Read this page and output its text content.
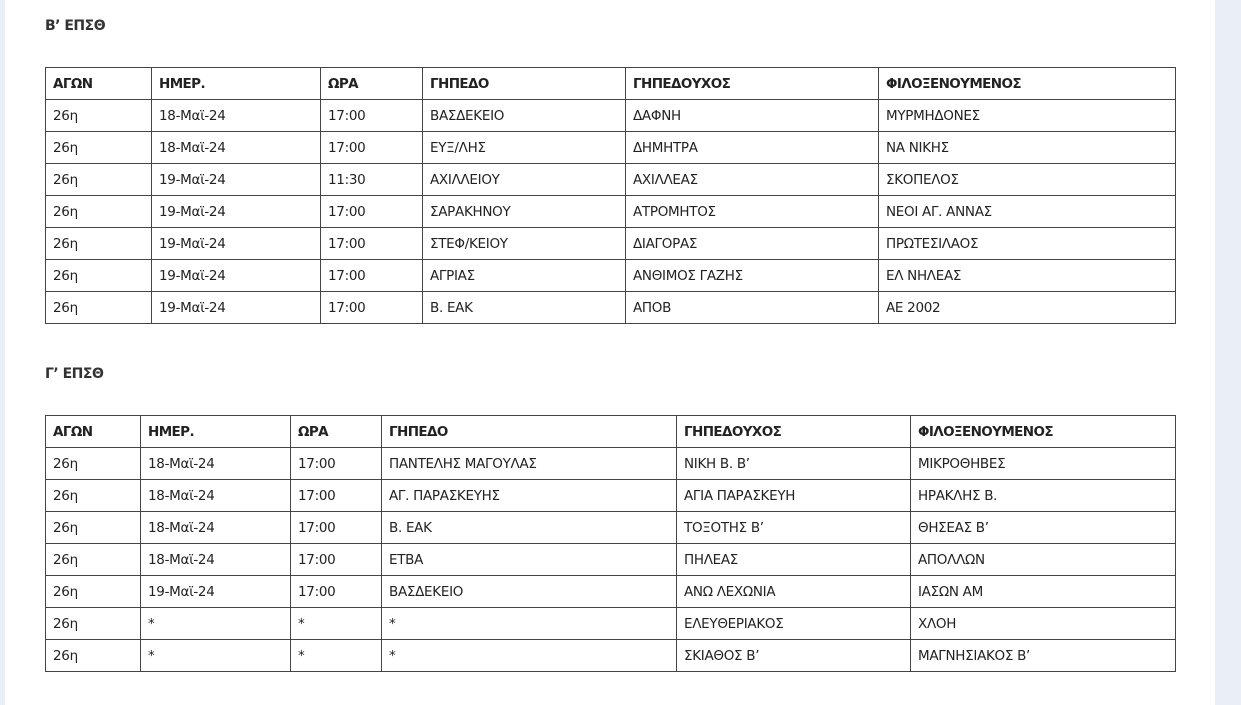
Β’ ΕΠΣΘ
ΑΓΩΝ	ΗΜΕΡ.	ΩΡΑ	ΓΗΠΕΔΟ	ΓΗΠΕΔΟΥΧΟΣ	ΦΙΛΟΞΕΝΟΥΜΕΝΟΣ
26η	18-Μαϊ-24	17:00	ΒΑΣΔΕΚΕΙΟ	ΔΑΦΝΗ	ΜΥΡΜΗΔΟΝΕΣ
26η	18-Μαϊ-24	17:00	ΕΥΞ/ΛΗΣ	ΔΗΜΗΤΡΑ	ΝΑ ΝΙΚΗΣ
26η	19-Μαϊ-24	11:30	ΑΧΙΛΛΕΙΟΥ	ΑΧΙΛΛΕΑΣ	ΣΚΟΠΕΛΟΣ
26η	19-Μαϊ-24	17:00	ΣΑΡΑΚΗΝΟΥ	ΑΤΡΟΜΗΤΟΣ	ΝΕΟΙ ΑΓ. ΑΝΝΑΣ
26η	19-Μαϊ-24	17:00	ΣΤΕΦ/ΚΕΙΟΥ	ΔΙΑΓΟΡΑΣ	ΠΡΩΤΕΣΙΛΑΟΣ
26η	19-Μαϊ-24	17:00	ΑΓΡΙΑΣ	ΑΝΘΙΜΟΣ ΓΑΖΗΣ	ΕΛ ΝΗΛΕΑΣ
26η	19-Μαϊ-24	17:00	Β. ΕΑΚ	ΑΠΟΒ	ΑΕ 2002
Γ’ ΕΠΣΘ
ΑΓΩΝ	ΗΜΕΡ.	ΩΡΑ	ΓΗΠΕΔΟ	ΓΗΠΕΔΟΥΧΟΣ	ΦΙΛΟΞΕΝΟΥΜΕΝΟΣ
26η	18-Μαϊ-24	17:00	ΠΑΝΤΕΛΗΣ ΜΑΓΟΥΛΑΣ	ΝΙΚΗ Β. Β’	ΜΙΚΡΟΘΗΒΕΣ
26η	18-Μαϊ-24	17:00	ΑΓ. ΠΑΡΑΣΚΕΥΗΣ	ΑΓΙΑ ΠΑΡΑΣΚΕΥΗ	ΗΡΑΚΛΗΣ Β.
26η	18-Μαϊ-24	17:00	Β. ΕΑΚ	ΤΟΞΟΤΗΣ Β’	ΘΗΣΕΑΣ Β’
26η	18-Μαϊ-24	17:00	ΕΤΒΑ	ΠΗΛΕΑΣ	ΑΠΟΛΛΩΝ
26η	19-Μαϊ-24	17:00	ΒΑΣΔΕΚΕΙΟ	ΑΝΩ ΛΕΧΩΝΙΑ	ΙΑΣΩΝ ΑΜ
26η	*	*	*	ΕΛΕΥΘΕΡΙΑΚΟΣ	ΧΛΟΗ
26η	*	*	*	ΣΚΙΑΘΟΣ Β’	ΜΑΓΝΗΣΙΑΚΟΣ Β’
